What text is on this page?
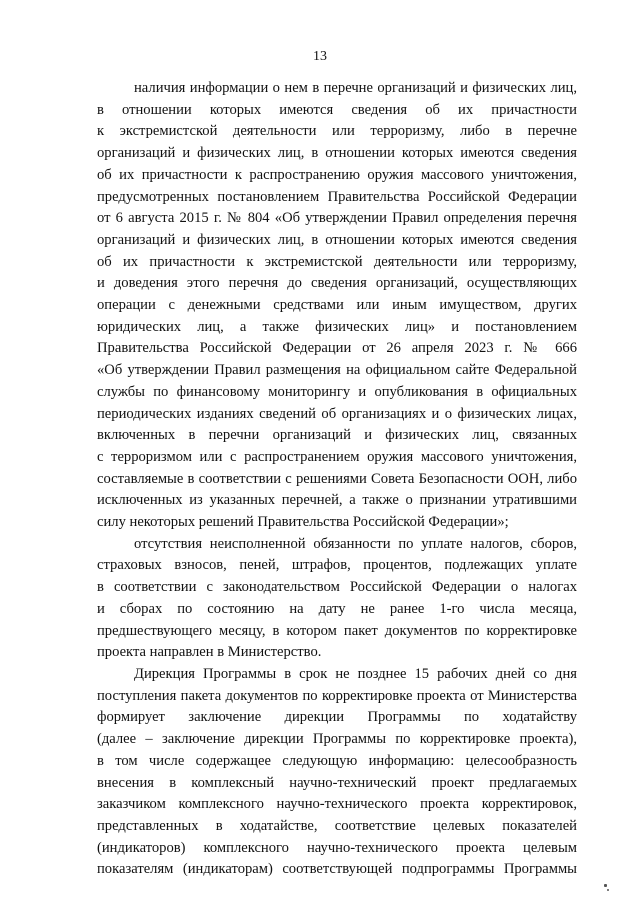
13
наличия информации о нем в перечне организаций и физических лиц,
в отношении которых имеются сведения об их причастности
к экстремистской деятельности или терроризму, либо в перечне
организаций и физических лиц, в отношении которых имеются сведения
об их причастности к распространению оружия массового уничтожения,
предусмотренных постановлением Правительства Российской Федерации
от 6 августа 2015 г. № 804 «Об утверждении Правил определения перечня
организаций и физических лиц, в отношении которых имеются сведения
об их причастности к экстремистской деятельности или терроризму,
и доведения этого перечня до сведения организаций, осуществляющих
операции с денежными средствами или иным имуществом, других
юридических лиц, а также физических лиц» и постановлением
Правительства Российской Федерации от 26 апреля 2023 г. № 666
«Об утверждении Правил размещения на официальном сайте Федеральной
службы по финансовому мониторингу и опубликования в официальных
периодических изданиях сведений об организациях и о физических лицах,
включенных в перечни организаций и физических лиц, связанных
с терроризмом или с распространением оружия массового уничтожения,
составляемые в соответствии с решениями Совета Безопасности ООН, либо
исключенных из указанных перечней, а также о признании утратившими
силу некоторых решений Правительства Российской Федерации»;
отсутствия неисполненной обязанности по уплате налогов, сборов,
страховых взносов, пеней, штрафов, процентов, подлежащих уплате
в соответствии с законодательством Российской Федерации о налогах
и сборах по состоянию на дату не ранее 1-го числа месяца,
предшествующего месяцу, в котором пакет документов по корректировке
проекта направлен в Министерство.
Дирекция Программы в срок не позднее 15 рабочих дней со дня
поступления пакета документов по корректировке проекта от Министерства
формирует заключение дирекции Программы по ходатайству
(далее – заключение дирекции Программы по корректировке проекта),
в том числе содержащее следующую информацию: целесообразность
внесения в комплексный научно-технический проект предлагаемых
заказчиком комплексного научно-технического проекта корректировок,
представленных в ходатайстве, соответствие целевых показателей
(индикаторов) комплексного научно-технического проекта целевым
показателям (индикаторам) соответствующей подпрограммы Программы
